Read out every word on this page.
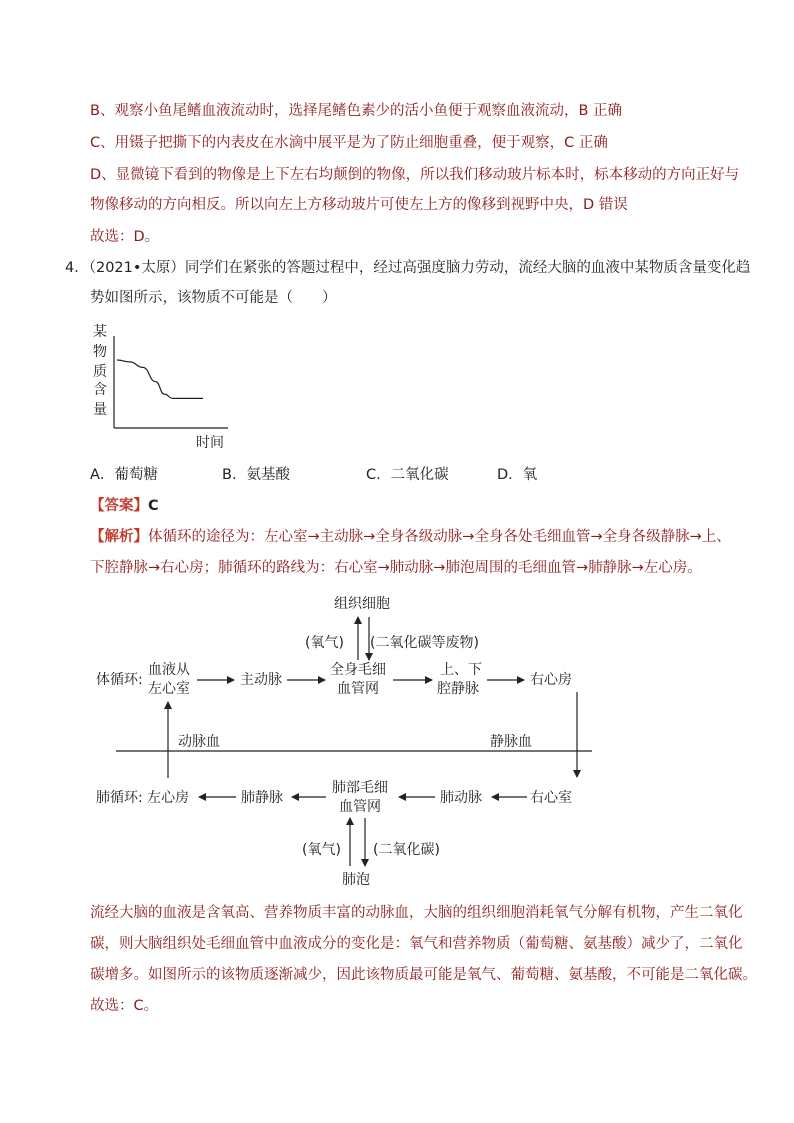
B、观察小鱼尾鳍血液流动时，选择尾鳍色素少的活小鱼便于观察血液流动，B 正确
C、用镊子把撕下的内表皮在水滴中展平是为了防止细胞重叠，便于观察，C 正确
D、显微镜下看到的物像是上下左右均颠倒的物像，所以我们移动玻片标本时，标本移动的方向正好与
物像移动的方向相反。所以向左上方移动玻片可使左上方的像移到视野中央，D 错误
故选：D。
4．（2021•太原）同学们在紧张的答题过程中，经过高强度脑力劳动，流经大脑的血液中某物质含量变化趋
势如图所示，该物质不可能是（　　）
某
物
质
含
量
时间
A．葡萄糖	B．氨基酸	C．二氧化碳	D．氧
【答案】C
【解析】体循环的途径为：左心室→主动脉→全身各级动脉→全身各处毛细血管→全身各级静脉→上、
下腔静脉→右心房；肺循环的路线为：右心室→肺动脉→肺泡周围的毛细血管→肺静脉→左心房。
组织细胞
(氧气) (二氧化碳等废物)
体循环:
血液从
左心室
主动脉
全身毛细
血管网
上、下
腔静脉
右心房
动脉血	静脉血
肺循环: 左心房	肺静脉
肺部毛细
血管网
肺动脉	右心室
(氧气) (二氧化碳)
肺泡
流经大脑的血液是含氧高、营养物质丰富的动脉血，大脑的组织细胞消耗氧气分解有机物，产生二氧化
碳，则大脑组织处毛细血管中血液成分的变化是：氧气和营养物质（葡萄糖、氨基酸）减少了，二氧化
碳增多。如图所示的该物质逐渐减少，因此该物质最可能是氧气、葡萄糖、氨基酸，不可能是二氧化碳。
故选：C。
